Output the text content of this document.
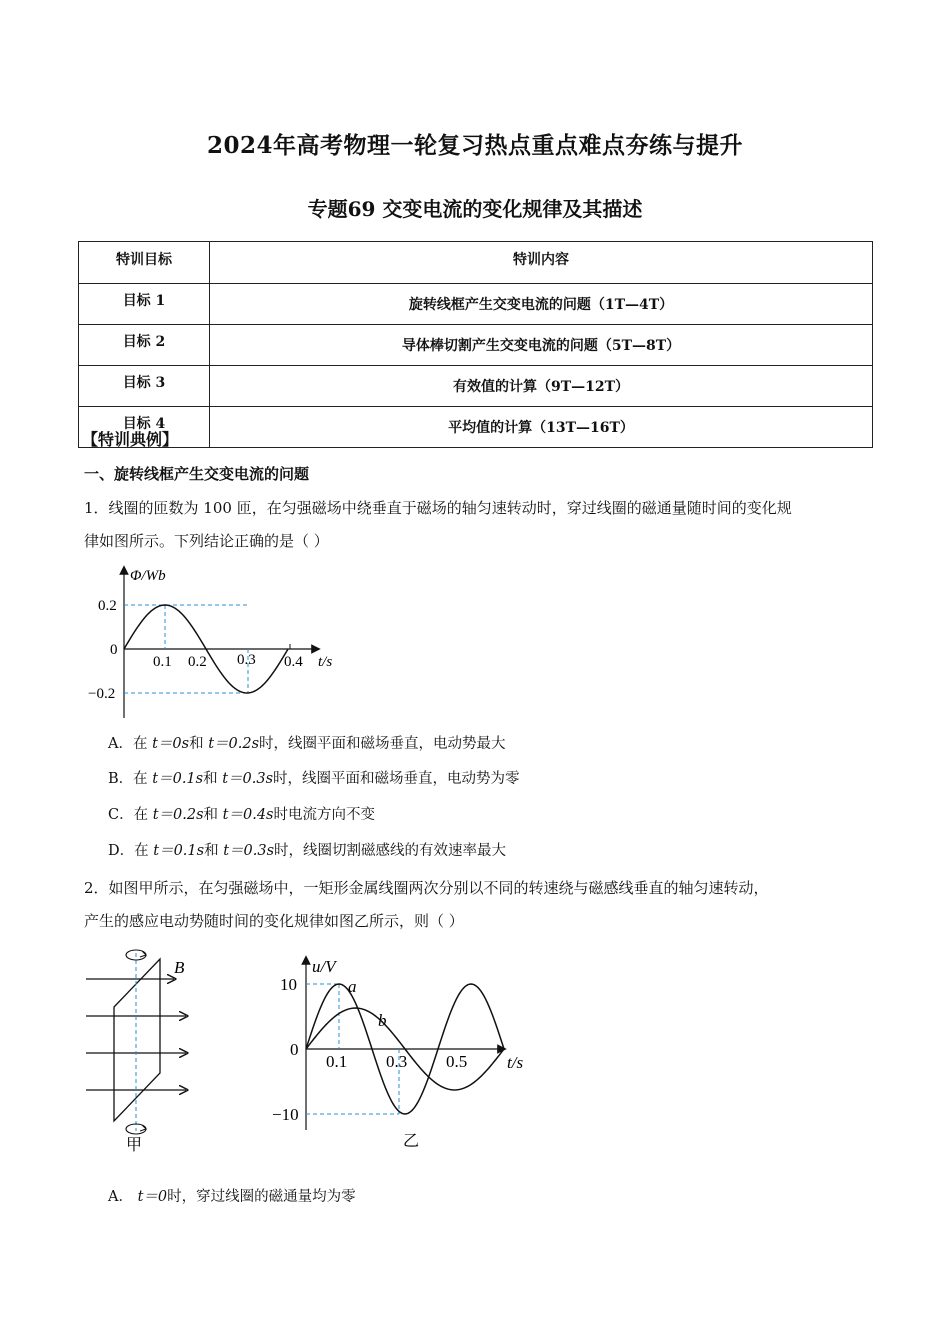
2024年高考物理一轮复习热点重点难点夯练与提升
专题69 交变电流的变化规律及其描述
特训目标	特训内容
目标 1	旋转线框产生交变电流的问题（1T—4T）
目标 2	导体棒切割产生交变电流的问题（5T—8T）
目标 3	有效值的计算（9T—12T）
目标 4	平均值的计算（13T—16T）
【特训典例】
一、旋转线框产生交变电流的问题
1．线圈的匝数为 100 匝，在匀强磁场中绕垂直于磁场的轴匀速转动时，穿过线圈的磁通量随时间的变化规
律如图所示。下列结论正确的是（ ）
Φ/Wb
0.2
0
−0.2
0.1 0.2 0.3 0.4 t/s
A．在 t＝0s和 t＝0.2s时，线圈平面和磁场垂直，电动势最大
B．在 t＝0.1s和 t＝0.3s时，线圈平面和磁场垂直，电动势为零
C．在 t＝0.2s和 t＝0.4s时电流方向不变
D．在 t＝0.1s和 t＝0.3s时，线圈切割磁感线的有效速率最大
2．如图甲所示，在匀强磁场中，一矩形金属线圈两次分别以不同的转速绕与磁感线垂直的轴匀速转动，
产生的感应电动势随时间的变化规律如图乙所示，则（ ）
B
甲
u/V
10
0
−10
0.1 0.3 0.5 t/s
a
b
乙
A． t＝0时，穿过线圈的磁通量均为零
